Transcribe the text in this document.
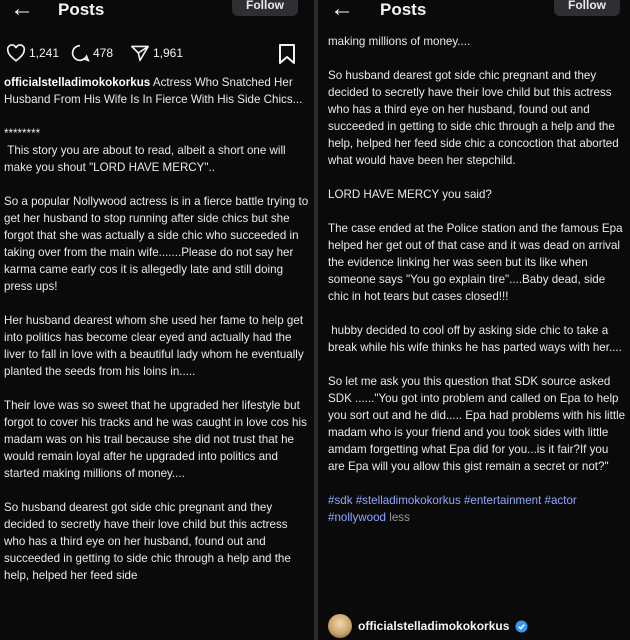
← Posts	Follow
1,241	478	1,961
officialstelladimokokorkus Actress Who Snatched Her Husband From His Wife Is In Fierce With His Side Chics...

********
This story you are about to read, albeit a short one will make you shout "LORD HAVE MERCY"..

So a popular Nollywood actress is in a fierce battle trying to get her husband to stop running after side chics but she forgot that she was actually a side chic who succeeded in taking over from the main wife.......Please do not say her karma came early cos it is allegedly late and still doing press ups!

Her husband dearest whom she used her fame to help get into politics has become clear eyed and actually had the liver to fall in love with a beautiful lady whom he eventually planted the seeds from his loins in.....

Their love was so sweet that he upgraded her lifestyle but forgot to cover his tracks and he was caught in love cos his madam was on his trail because she did not trust that he would remain loyal after he upgraded into politics and started making millions of money....

So husband dearest got side chic pregnant and they decided to secretly have their love child but this actress who has a third eye on her husband, found out and succeeded in getting to side chic through a help and the help, helped her feed side
← Posts	Follow
making millions of money....

So husband dearest got side chic pregnant and they decided to secretly have their love child but this actress who has a third eye on her husband, found out and succeeded in getting to side chic through a help and the help, helped her feed side chic a concoction that aborted what would have been her stepchild.

LORD HAVE MERCY you said?

The case ended at the Police station and the famous Epa helped her get out of that case and it was dead on arrival the evidence linking her was seen but its like when someone says "You go explain tire"....Baby dead, side chic in hot tears but cases closed!!!

hubby decided to cool off by asking side chic to take a break while his wife thinks he has parted ways with her....

So let me ask you this question that SDK source asked SDK ......"You got into problem and called on Epa to help you sort out and he did..... Epa had problems with his little madam who is your friend and you took sides with little amdam forgetting what Epa did for you...is it fair?If you are Epa will you allow this gist remain a secret or not?"

#sdk #stelladimokokorkus #entertainment #actor #nollywood less
officialstelladimokokorkus
